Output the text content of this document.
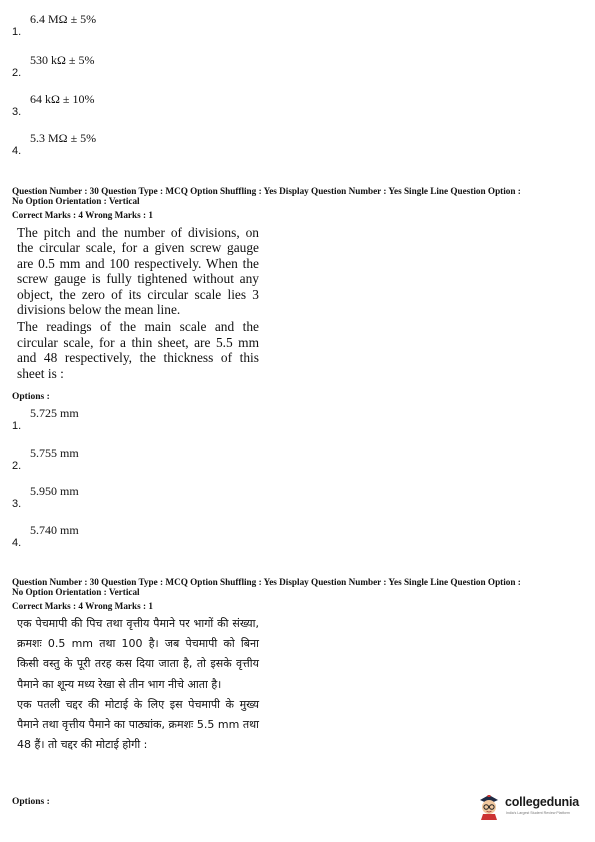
1.
6.4 MΩ ± 5%
2.
530 kΩ ± 5%
3.
64 kΩ ± 10%
4.
5.3 MΩ ± 5%
Question Number : 30 Question Type : MCQ Option Shuffling : Yes Display Question Number : Yes Single Line Question Option :
No Option Orientation : Vertical
Correct Marks : 4 Wrong Marks : 1

The pitch and the number of divisions, on the circular scale, for a given screw gauge are 0.5 mm and 100 respectively. When the screw gauge is fully tightened without any object, the zero of its circular scale lies 3 divisions below the mean line.

The readings of the main scale and the circular scale, for a thin sheet, are 5.5 mm and 48 respectively, the thickness of this sheet is :

Options :
1.
5.725 mm
2.
5.755 mm
3.
5.950 mm
4.
5.740 mm
Question Number : 30 Question Type : MCQ Option Shuffling : Yes Display Question Number : Yes Single Line Question Option :
No Option Orientation : Vertical
Correct Marks : 4 Wrong Marks : 1

एक पेचमापी की पिच तथा वृत्तीय पैमाने पर भागों की संख्या, क्रमशः 0.5 mm तथा 100 है। जब पेचमापी को बिना किसी वस्तु के पूरी तरह कस दिया जाता है, तो इसके वृत्तीय पैमाने का शून्य मध्य रेखा से तीन भाग नीचे आता है।

एक पतली चद्दर की मोटाई के लिए इस पेचमापी के मुख्य पैमाने तथा वृत्तीय पैमाने का पाठ्यांक, क्रमशः 5.5 mm तथा 48 हैं। तो चद्दर की मोटाई होगी :

Options :	collegedunia
India's Largest Student Review Platform
